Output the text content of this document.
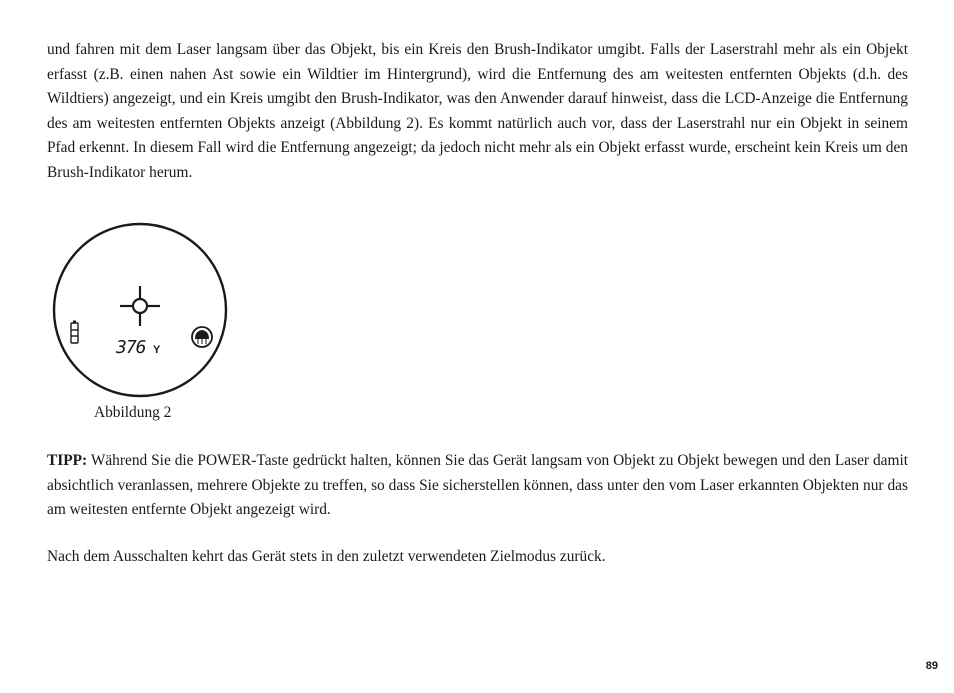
und fahren mit dem Laser langsam über das Objekt, bis ein Kreis den Brush-Indikator umgibt. Falls der Laserstrahl mehr als ein Objekt erfasst (z.B. einen nahen Ast sowie ein Wildtier im Hintergrund), wird die Entfernung des am weitesten entfernten Objekts (d.h. des Wildtiers) angezeigt, und ein Kreis umgibt den Brush-Indikator, was den Anwender darauf hinweist, dass die LCD-Anzeige die Entfernung des am weitesten entfernten Objekts anzeigt (Abbildung 2). Es kommt natürlich auch vor, dass der Laserstrahl nur ein Objekt in seinem Pfad erkennt. In diesem Fall wird die Entfernung angezeigt; da jedoch nicht mehr als ein Objekt erfasst wurde, erscheint kein Kreis um den Brush-Indikator herum.

376 Y
Abbildung 2

TIPP: Während Sie die POWER-Taste gedrückt halten, können Sie das Gerät langsam von Objekt zu Objekt bewegen und den Laser damit absichtlich veranlassen, mehrere Objekte zu treffen, so dass Sie sicherstellen können, dass unter den vom Laser erkannten Objekten nur das am weitesten entfernte Objekt angezeigt wird.

Nach dem Ausschalten kehrt das Gerät stets in den zuletzt verwendeten Zielmodus zurück.

89
